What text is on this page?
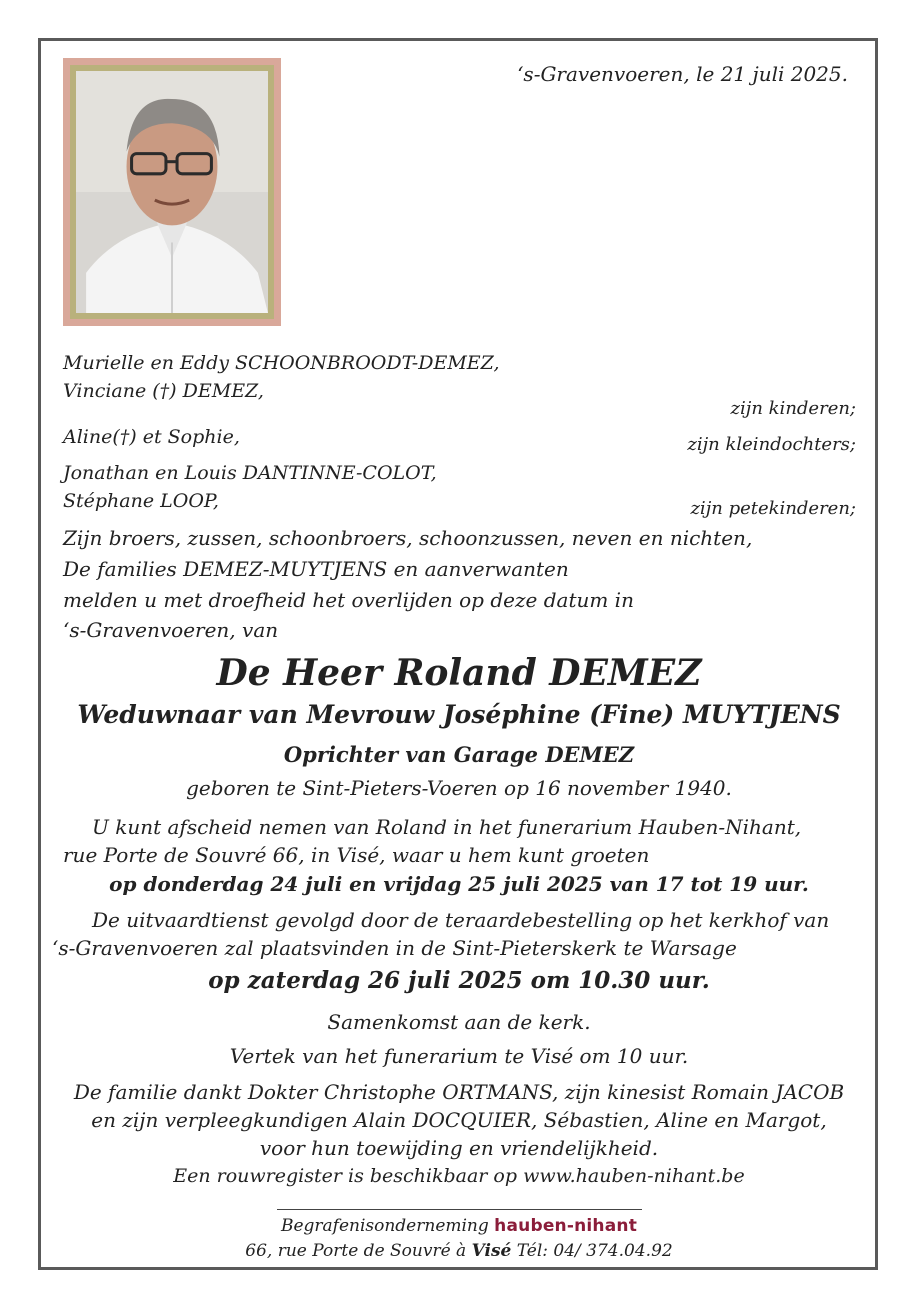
‘s-Gravenvoeren, le 21 juli 2025.
Murielle en Eddy SCHOONBROODT-DEMEZ,
Vinciane (†) DEMEZ,
zijn kinderen;
Aline(†) et Sophie,	zijn kleindochters;
Jonathan en Louis DANTINNE-COLOT,
Stéphane LOOP,	zijn petekinderen;
Zijn broers, zussen, schoonbroers, schoonzussen, neven en nichten,
De families DEMEZ-MUYTJENS en aanverwanten
melden u met droefheid het overlijden op deze datum in
‘s-Gravenvoeren, van
De Heer Roland DEMEZ
Weduwnaar van Mevrouw Joséphine (Fine) MUYTJENS
Oprichter van Garage DEMEZ
geboren te Sint-Pieters-Voeren op 16 november 1940.
U kunt afscheid nemen van Roland in het funerarium Hauben-Nihant,
rue Porte de Souvré 66, in Visé, waar u hem kunt groeten
op donderdag 24 juli en vrijdag 25 juli 2025 van 17 tot 19 uur.
De uitvaardtienst gevolgd door de teraardebestelling op het kerkhof van
‘s-Gravenvoeren zal plaatsvinden in de Sint-Pieterskerk te Warsage
op zaterdag 26 juli 2025 om 10.30 uur.
Samenkomst aan de kerk.
Vertek van het funerarium te Visé om 10 uur.
De familie dankt Dokter Christophe ORTMANS, zijn kinesist Romain JACOB
en zijn verpleegkundigen Alain DOCQUIER, Sébastien, Aline en Margot,
voor hun toewijding en vriendelijkheid.
Een rouwregister is beschikbaar op www.hauben-nihant.be
Begrafenisonderneming hauben-nihant
66, rue Porte de Souvré à Visé Tél: 04/ 374.04.92
